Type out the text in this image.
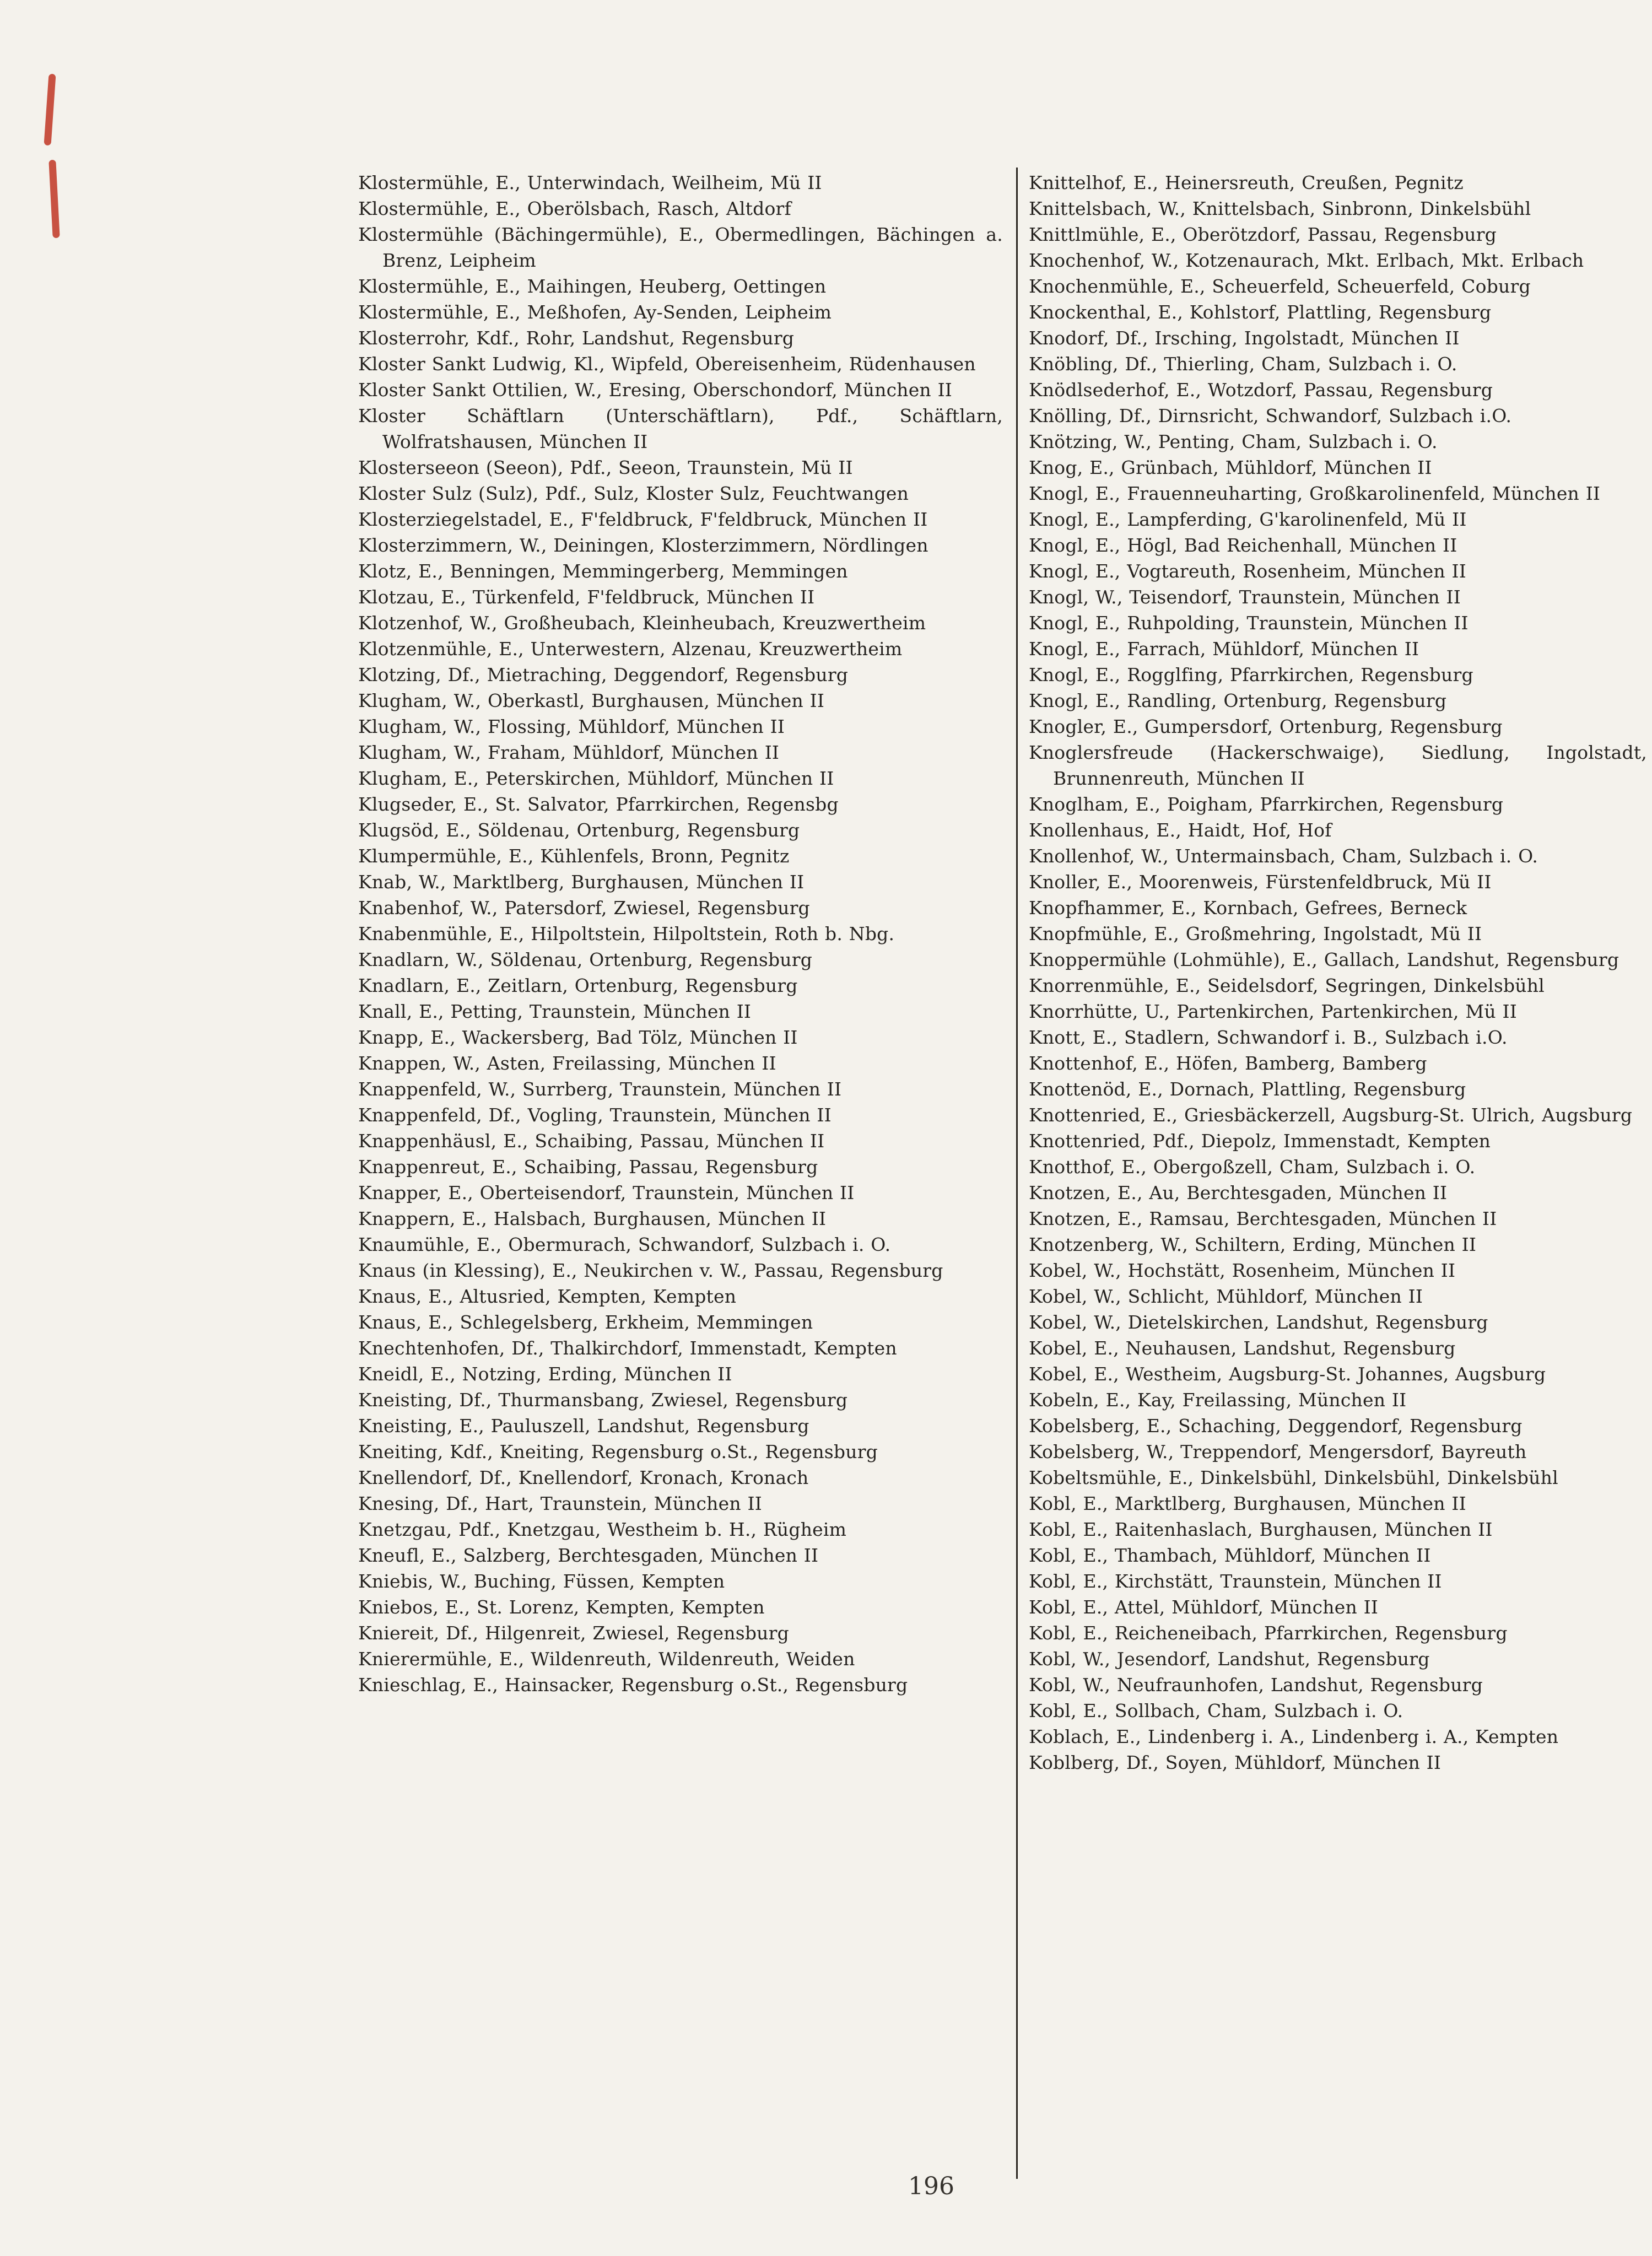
Klostermühle, E., Unterwindach, Weilheim, Mü II

Klostermühle, E., Oberölsbach, Rasch, Altdorf

Klostermühle (Bächingermühle), E., Obermedlingen, Bächingen a. Brenz, Leipheim

Klostermühle, E., Maihingen, Heuberg, Oettingen

Klostermühle, E., Meßhofen, Ay-Senden, Leipheim

Klosterrohr, Kdf., Rohr, Landshut, Regensburg

Kloster Sankt Ludwig, Kl., Wipfeld, Obereisenheim, Rüdenhausen

Kloster Sankt Ottilien, W., Eresing, Oberschondorf, München II

Kloster Schäftlarn (Unterschäftlarn), Pdf., Schäftlarn, Wolfratshausen, München II

Klosterseeon (Seeon), Pdf., Seeon, Traunstein, Mü II

Kloster Sulz (Sulz), Pdf., Sulz, Kloster Sulz, Feuchtwangen

Klosterziegelstadel, E., F'feldbruck, F'feldbruck, München II

Klosterzimmern, W., Deiningen, Klosterzimmern, Nördlingen

Klotz, E., Benningen, Memmingerberg, Memmingen

Klotzau, E., Türkenfeld, F'feldbruck, München II

Klotzenhof, W., Großheubach, Kleinheubach, Kreuzwertheim

Klotzenmühle, E., Unterwestern, Alzenau, Kreuzwertheim

Klotzing, Df., Mietraching, Deggendorf, Regensburg

Klugham, W., Oberkastl, Burghausen, München II

Klugham, W., Flossing, Mühldorf, München II

Klugham, W., Fraham, Mühldorf, München II

Klugham, E., Peterskirchen, Mühldorf, München II

Klugseder, E., St. Salvator, Pfarrkirchen, Regensbg

Klugsöd, E., Söldenau, Ortenburg, Regensburg

Klumpermühle, E., Kühlenfels, Bronn, Pegnitz

Knab, W., Marktlberg, Burghausen, München II

Knabenhof, W., Patersdorf, Zwiesel, Regensburg

Knabenmühle, E., Hilpoltstein, Hilpoltstein, Roth b. Nbg.

Knadlarn, W., Söldenau, Ortenburg, Regensburg

Knadlarn, E., Zeitlarn, Ortenburg, Regensburg

Knall, E., Petting, Traunstein, München II

Knapp, E., Wackersberg, Bad Tölz, München II

Knappen, W., Asten, Freilassing, München II

Knappenfeld, W., Surrberg, Traunstein, München II

Knappenfeld, Df., Vogling, Traunstein, München II

Knappenhäusl, E., Schaibing, Passau, München II

Knappenreut, E., Schaibing, Passau, Regensburg

Knapper, E., Oberteisendorf, Traunstein, München II

Knappern, E., Halsbach, Burghausen, München II

Knaumühle, E., Obermurach, Schwandorf, Sulzbach i. O.

Knaus (in Klessing), E., Neukirchen v. W., Passau, Regensburg

Knaus, E., Altusried, Kempten, Kempten

Knaus, E., Schlegelsberg, Erkheim, Memmingen

Knechtenhofen, Df., Thalkirchdorf, Immenstadt, Kempten

Kneidl, E., Notzing, Erding, München II

Kneisting, Df., Thurmansbang, Zwiesel, Regensburg

Kneisting, E., Pauluszell, Landshut, Regensburg

Kneiting, Kdf., Kneiting, Regensburg o.St., Regensburg

Knellendorf, Df., Knellendorf, Kronach, Kronach

Knesing, Df., Hart, Traunstein, München II

Knetzgau, Pdf., Knetzgau, Westheim b. H., Rügheim

Kneufl, E., Salzberg, Berchtesgaden, München II

Kniebis, W., Buching, Füssen, Kempten

Kniebos, E., St. Lorenz, Kempten, Kempten

Kniereit, Df., Hilgenreit, Zwiesel, Regensburg

Knierermühle, E., Wildenreuth, Wildenreuth, Weiden

Knieschlag, E., Hainsacker, Regensburg o.St., Regensburg

Knittelhof, E., Heinersreuth, Creußen, Pegnitz

Knittelsbach, W., Knittelsbach, Sinbronn, Dinkelsbühl

Knittlmühle, E., Oberötzdorf, Passau, Regensburg

Knochenhof, W., Kotzenaurach, Mkt. Erlbach, Mkt. Erlbach

Knochenmühle, E., Scheuerfeld, Scheuerfeld, Coburg

Knockenthal, E., Kohlstorf, Plattling, Regensburg

Knodorf, Df., Irsching, Ingolstadt, München II

Knöbling, Df., Thierling, Cham, Sulzbach i. O.

Knödlsederhof, E., Wotzdorf, Passau, Regensburg

Knölling, Df., Dirnsricht, Schwandorf, Sulzbach i.O.

Knötzing, W., Penting, Cham, Sulzbach i. O.

Knog, E., Grünbach, Mühldorf, München II

Knogl, E., Frauenneuharting, Großkarolinenfeld, München II

Knogl, E., Lampferding, G'karolinenfeld, Mü II

Knogl, E., Högl, Bad Reichenhall, München II

Knogl, E., Vogtareuth, Rosenheim, München II

Knogl, W., Teisendorf, Traunstein, München II

Knogl, E., Ruhpolding, Traunstein, München II

Knogl, E., Farrach, Mühldorf, München II

Knogl, E., Rogglfing, Pfarrkirchen, Regensburg

Knogl, E., Randling, Ortenburg, Regensburg

Knogler, E., Gumpersdorf, Ortenburg, Regensburg

Knoglersfreude (Hackerschwaige), Siedlung, Ingolstadt, Brunnenreuth, München II

Knoglham, E., Poigham, Pfarrkirchen, Regensburg

Knollenhaus, E., Haidt, Hof, Hof

Knollenhof, W., Untermainsbach, Cham, Sulzbach i. O.

Knoller, E., Moorenweis, Fürstenfeldbruck, Mü II

Knopfhammer, E., Kornbach, Gefrees, Berneck

Knopfmühle, E., Großmehring, Ingolstadt, Mü II

Knoppermühle (Lohmühle), E., Gallach, Landshut, Regensburg

Knorrenmühle, E., Seidelsdorf, Segringen, Dinkelsbühl

Knorrhütte, U., Partenkirchen, Partenkirchen, Mü II

Knott, E., Stadlern, Schwandorf i. B., Sulzbach i.O.

Knottenhof, E., Höfen, Bamberg, Bamberg

Knottenöd, E., Dornach, Plattling, Regensburg

Knottenried, E., Griesbäckerzell, Augsburg-St. Ulrich, Augsburg

Knottenried, Pdf., Diepolz, Immenstadt, Kempten

Knotthof, E., Obergoßzell, Cham, Sulzbach i. O.

Knotzen, E., Au, Berchtesgaden, München II

Knotzen, E., Ramsau, Berchtesgaden, München II

Knotzenberg, W., Schiltern, Erding, München II

Kobel, W., Hochstätt, Rosenheim, München II

Kobel, W., Schlicht, Mühldorf, München II

Kobel, W., Dietelskirchen, Landshut, Regensburg

Kobel, E., Neuhausen, Landshut, Regensburg

Kobel, E., Westheim, Augsburg-St. Johannes, Augsburg

Kobeln, E., Kay, Freilassing, München II

Kobelsberg, E., Schaching, Deggendorf, Regensburg

Kobelsberg, W., Treppendorf, Mengersdorf, Bayreuth

Kobeltsmühle, E., Dinkelsbühl, Dinkelsbühl, Dinkelsbühl

Kobl, E., Marktlberg, Burghausen, München II

Kobl, E., Raitenhaslach, Burghausen, München II

Kobl, E., Thambach, Mühldorf, München II

Kobl, E., Kirchstätt, Traunstein, München II

Kobl, E., Attel, Mühldorf, München II

Kobl, E., Reicheneibach, Pfarrkirchen, Regensburg

Kobl, W., Jesendorf, Landshut, Regensburg

Kobl, W., Neufraunhofen, Landshut, Regensburg

Kobl, E., Sollbach, Cham, Sulzbach i. O.

Koblach, E., Lindenberg i. A., Lindenberg i. A., Kempten

Koblberg, Df., Soyen, Mühldorf, München II

196
